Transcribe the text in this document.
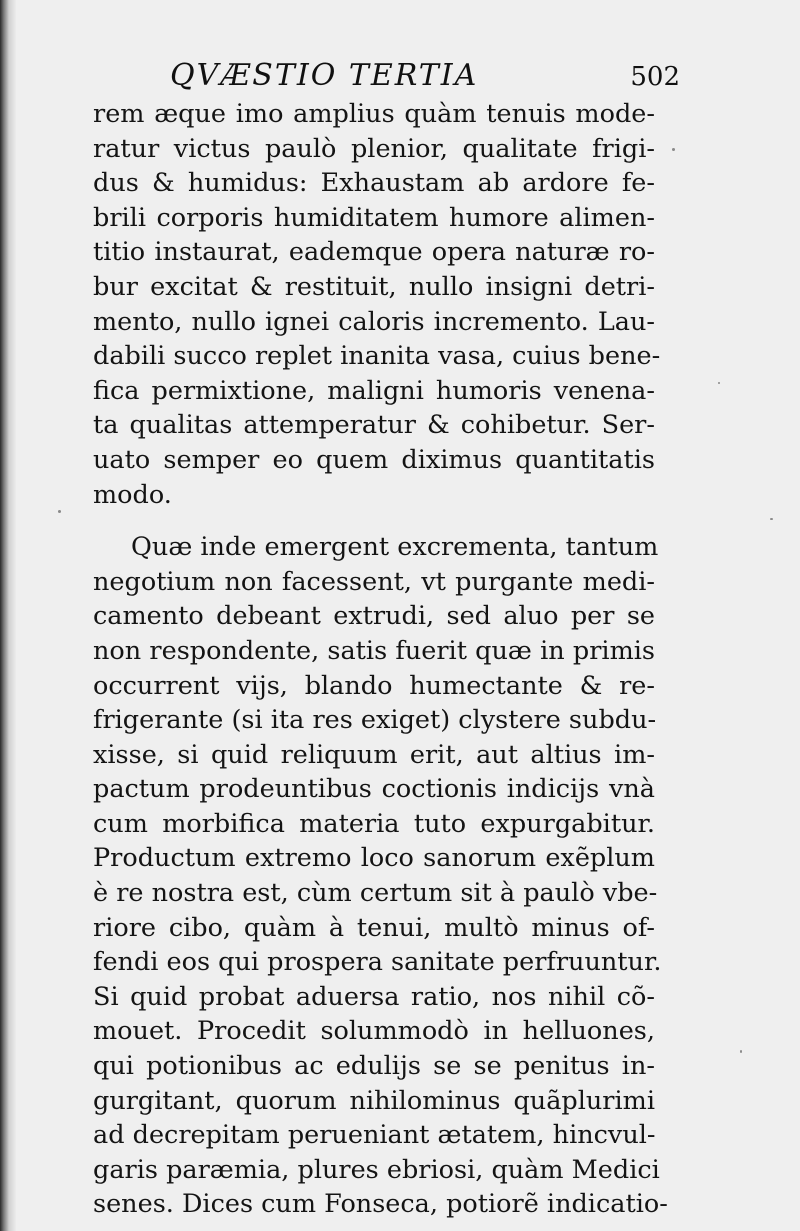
QVÆSTIO TERTIA	502
rem æque imo amplius quàm tenuis mode-
ratur victus paulò plenior, qualitate frigi-
dus & humidus: Exhaustam ab ardore fe-
brili corporis humiditatem humore alimen-
titio instaurat, eademque opera naturæ ro-
bur excitat & restituit, nullo insigni detri-
mento, nullo ignei caloris incremento. Lau-
dabili succo replet inanita vasa, cuius bene-
fica permixtione, maligni humoris venena-
ta qualitas attemperatur & cohibetur. Ser-
uato semper eo quem diximus quantitatis
modo.
Quæ inde emergent excrementa, tantum
negotium non facessent, vt purgante medi-
camento debeant extrudi, sed aluo per se
non respondente, satis fuerit quæ in primis
occurrent vijs, blando humectante & re-
frigerante (si ita res exiget) clystere subdu-
xisse, si quid reliquum erit, aut altius im-
pactum prodeuntibus coctionis indicijs vnà
cum morbifica materia tuto expurgabitur.
Productum extremo loco sanorum exẽplum
è re nostra est, cùm certum sit à paulò vbe-
riore cibo, quàm à tenui, multò minus of-
fendi eos qui prospera sanitate perfruuntur.
Si quid probat aduersa ratio, nos nihil cõ-
mouet. Procedit solummodò in helluones,
qui potionibus ac edulijs se se penitus in-
gurgitant, quorum nihilominus quãplurimi
ad decrepitam perueniant ætatem, hincvul-
garis paræmia, plures ebriosi, quàm Medici
senes. Dices cum Fonseca, potiorẽ indicatio-
